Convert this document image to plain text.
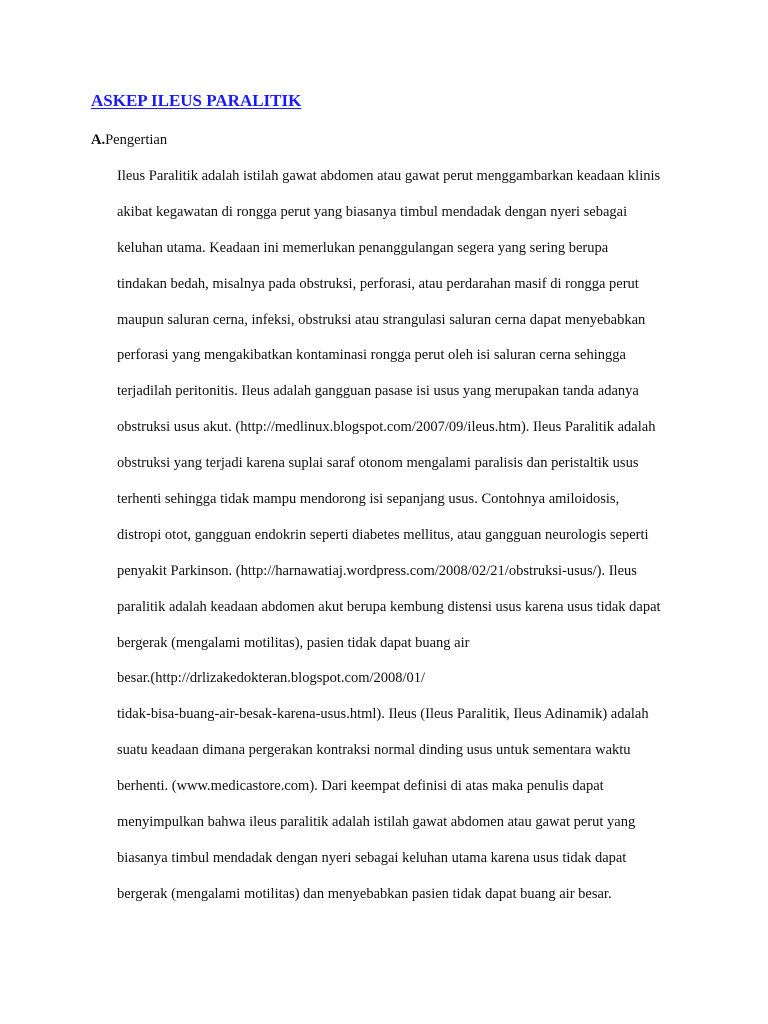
ASKEP ILEUS PARALITIK

A.Pengertian

Ileus Paralitik adalah istilah gawat abdomen atau gawat perut menggambarkan keadaan klinis
akibat kegawatan di rongga perut yang biasanya timbul mendadak dengan nyeri sebagai
keluhan utama. Keadaan ini memerlukan penanggulangan segera yang sering berupa
tindakan bedah, misalnya pada obstruksi, perforasi, atau perdarahan masif di rongga perut
maupun saluran cerna, infeksi, obstruksi atau strangulasi saluran cerna dapat menyebabkan
perforasi yang mengakibatkan kontaminasi rongga perut oleh isi saluran cerna sehingga
terjadilah peritonitis. Ileus adalah gangguan pasase isi usus yang merupakan tanda adanya
obstruksi usus akut. (http://medlinux.blogspot.com/2007/09/ileus.htm). Ileus Paralitik adalah
obstruksi yang terjadi karena suplai saraf otonom mengalami paralisis dan peristaltik usus
terhenti sehingga tidak mampu mendorong isi sepanjang usus. Contohnya amiloidosis,
distropi otot, gangguan endokrin seperti diabetes mellitus, atau gangguan neurologis seperti
penyakit Parkinson. (http://harnawatiaj.wordpress.com/2008/02/21/obstruksi-usus/). Ileus
paralitik adalah keadaan abdomen akut berupa kembung distensi usus karena usus tidak dapat
bergerak (mengalami motilitas), pasien tidak dapat buang air
besar.(http://drlizakedokteran.blogspot.com/2008/01/
tidak-bisa-buang-air-besak-karena-usus.html). Ileus (Ileus Paralitik, Ileus Adinamik) adalah
suatu keadaan dimana pergerakan kontraksi normal dinding usus untuk sementara waktu
berhenti. (www.medicastore.com). Dari keempat definisi di atas maka penulis dapat
menyimpulkan bahwa ileus paralitik adalah istilah gawat abdomen atau gawat perut yang
biasanya timbul mendadak dengan nyeri sebagai keluhan utama karena usus tidak dapat
bergerak (mengalami motilitas) dan menyebabkan pasien tidak dapat buang air besar.
